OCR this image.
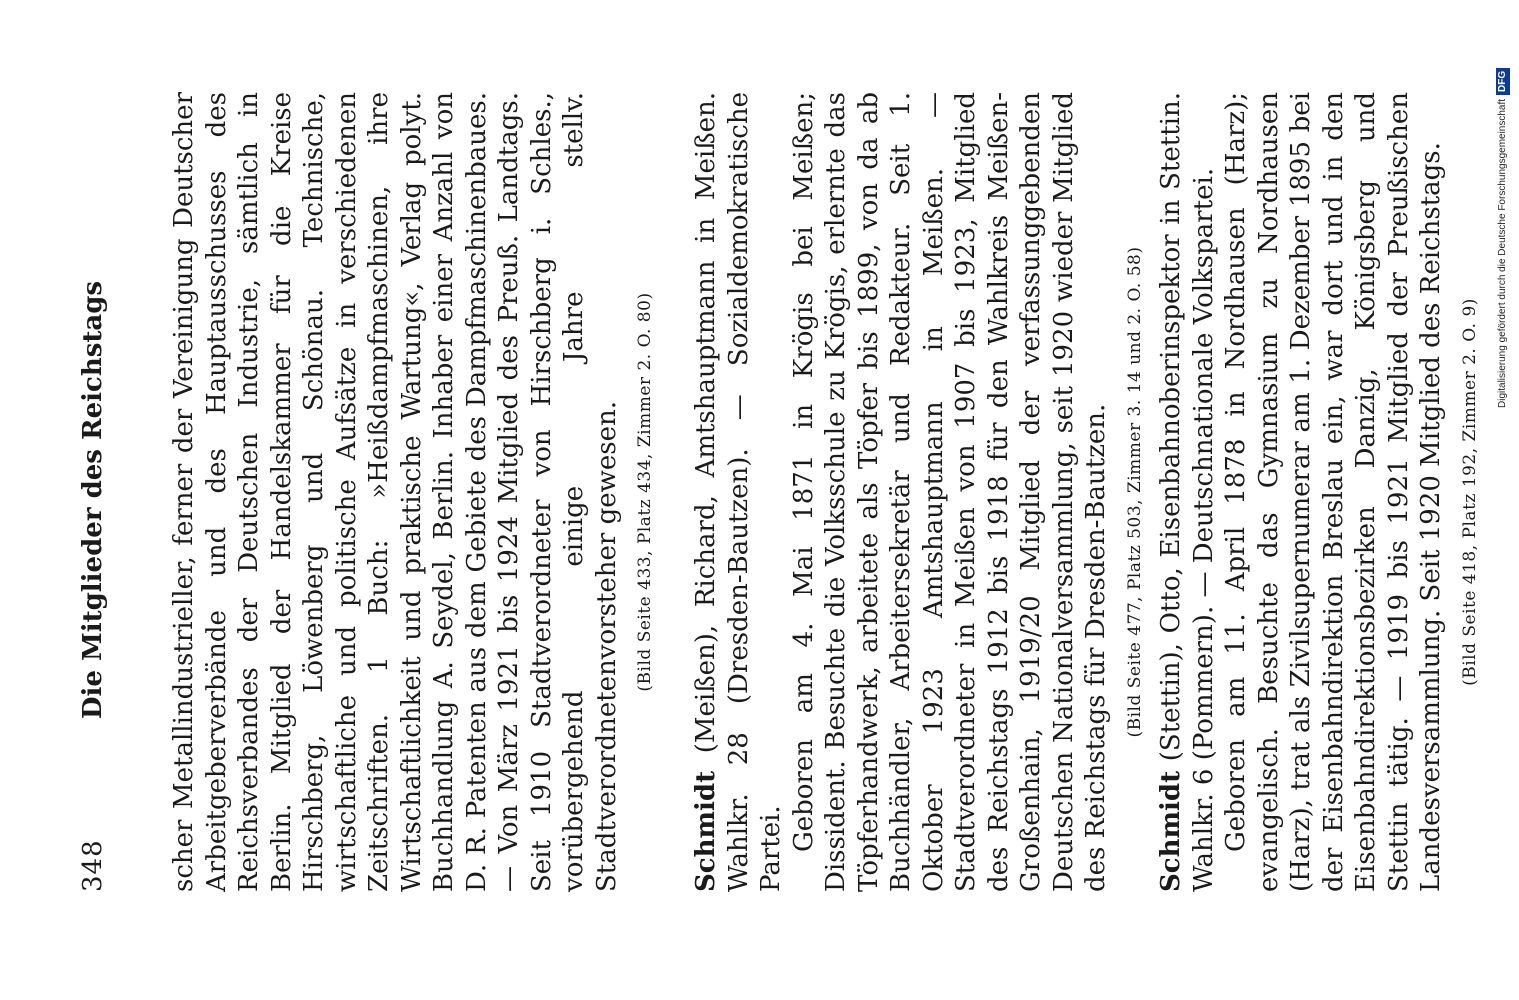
348
Die Mitglieder des Reichstags scher Metallindustrieller, ferner der Vereinigung Deutscher Arbeitgeberverbände und des Hauptausschusses des Reichsverbandes der Deutschen Industrie, sämtlich in Berlin. Mitglied der Handelskammer für die Kreise Hirschberg, Löwenberg und Schönau. Technische, wirtschaftliche und politische Aufsätze in verschiedenen Zeitschriften. 1 Buch: »Heißdampfmaschinen, ihre Wirtschaftlichkeit und praktische Wartung«, Verlag polyt. Buchhandlung A. Seydel, Berlin. Inhaber einer Anzahl von D. R. Patenten aus dem Gebiete des Dampfmaschinenbaues. — Von März 1921 bis 1924 Mitglied des Preuß. Landtags. Seit 1910 Stadtverordneter von Hirschberg i. Schles., vorübergehend einige Jahre stellv. Stadtverordnetenvorsteher gewesen. (Bild Seite 433, Platz 434, Zimmer 2. O. 80)

Schmidt (Meißen), Richard, Amtshauptmann in Meißen. Wahlkr. 28 (Dresden-Bautzen). — Sozialdemokratische Partei. Geboren am 4. Mai 1871 in Krögis bei Meißen; Dissident. Besuchte die Volksschule zu Krögis, erlernte das Töpferhandwerk, arbeitete als Töpfer bis 1899, von da ab Buchhändler, Arbeitersekretär und Redakteur. Seit 1. Oktober 1923 Amtshauptmann in Meißen. — Stadtverordneter in Meißen von 1907 bis 1923, Mitglied des Reichstags 1912 bis 1918 für den Wahlkreis Meißen-Großenhain, 1919/20 Mitglied der verfassunggebenden Deutschen Nationalversammlung, seit 1920 wieder Mitglied des Reichstags für Dresden-Bautzen. (Bild Seite 477, Platz 503, Zimmer 3. 14 und 2. O. 58)

Schmidt (Stettin), Otto, Eisenbahnoberinspektor in Stettin. Wahlkr. 6 (Pommern). — Deutschnationale Volkspartei. Geboren am 11. April 1878 in Nordhausen (Harz); evangelisch. Besuchte das Gymnasium zu Nordhausen (Harz), trat als Zivilsupernumerar am 1. Dezember 1895 bei der Eisenbahndirektion Breslau ein, war dort und in den Eisenbahndirektionsbezirken Danzig, Königsberg und Stettin tätig. — 1919 bis 1921 Mitglied der Preußischen Landesversammlung. Seit 1920 Mitglied des Reichstags. (Bild Seite 418, Platz 192, Zimmer 2. O. 9)
Digitalisierung gefördert durch die Deutsche ForschungsgemeinschaftDFG
